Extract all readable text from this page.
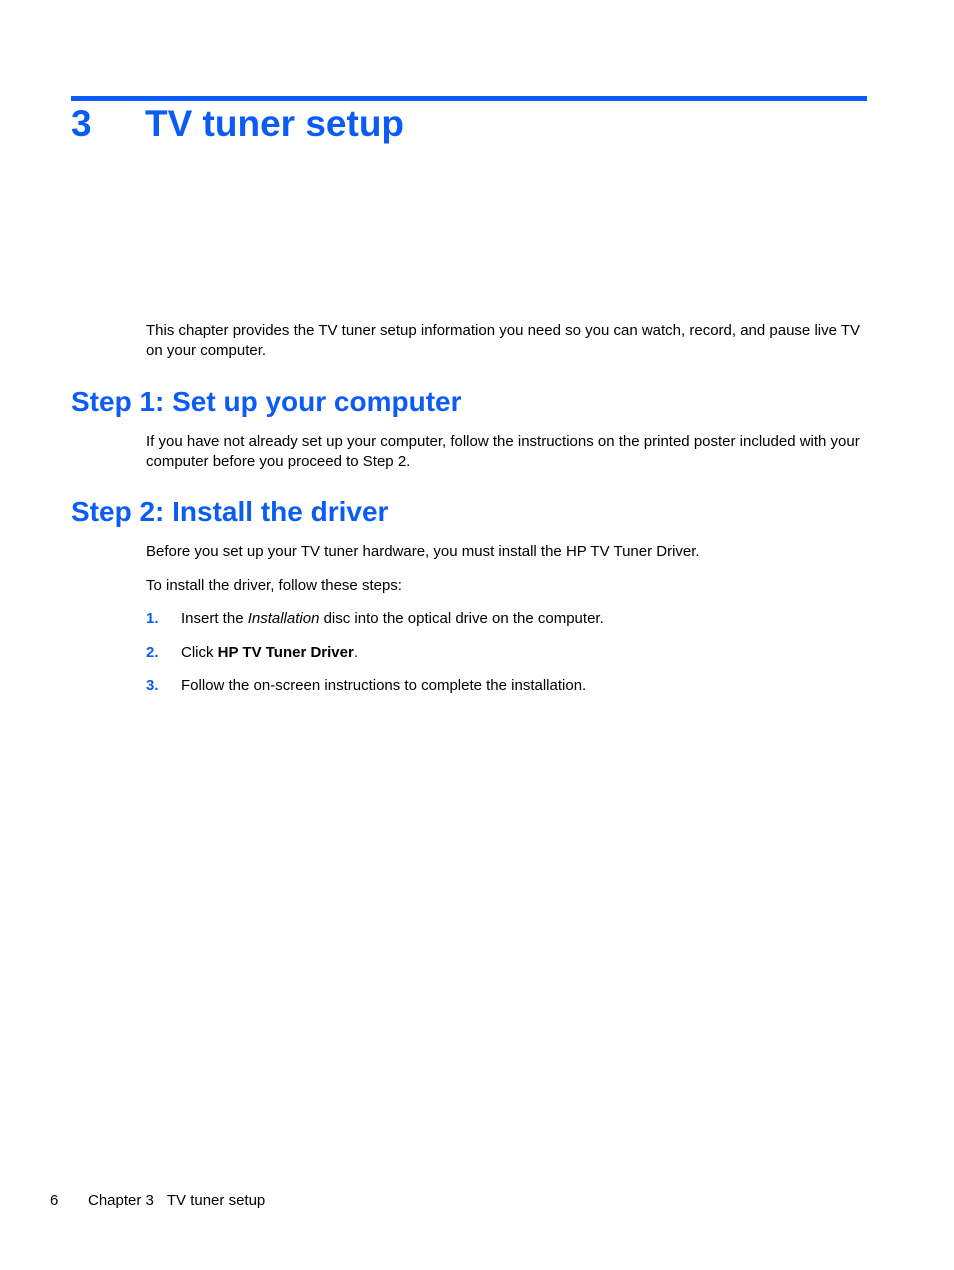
3 TV tuner setup

This chapter provides the TV tuner setup information you need so you can watch, record, and pause live TV on your computer.

Step 1: Set up your computer

If you have not already set up your computer, follow the instructions on the printed poster included with your computer before you proceed to Step 2.

Step 2: Install the driver

Before you set up your TV tuner hardware, you must install the HP TV Tuner Driver.

To install the driver, follow these steps:

1. Insert the Installation disc into the optical drive on the computer.
2. Click HP TV Tuner Driver.
3. Follow the on-screen instructions to complete the installation.
6 Chapter 3 TV tuner setup
